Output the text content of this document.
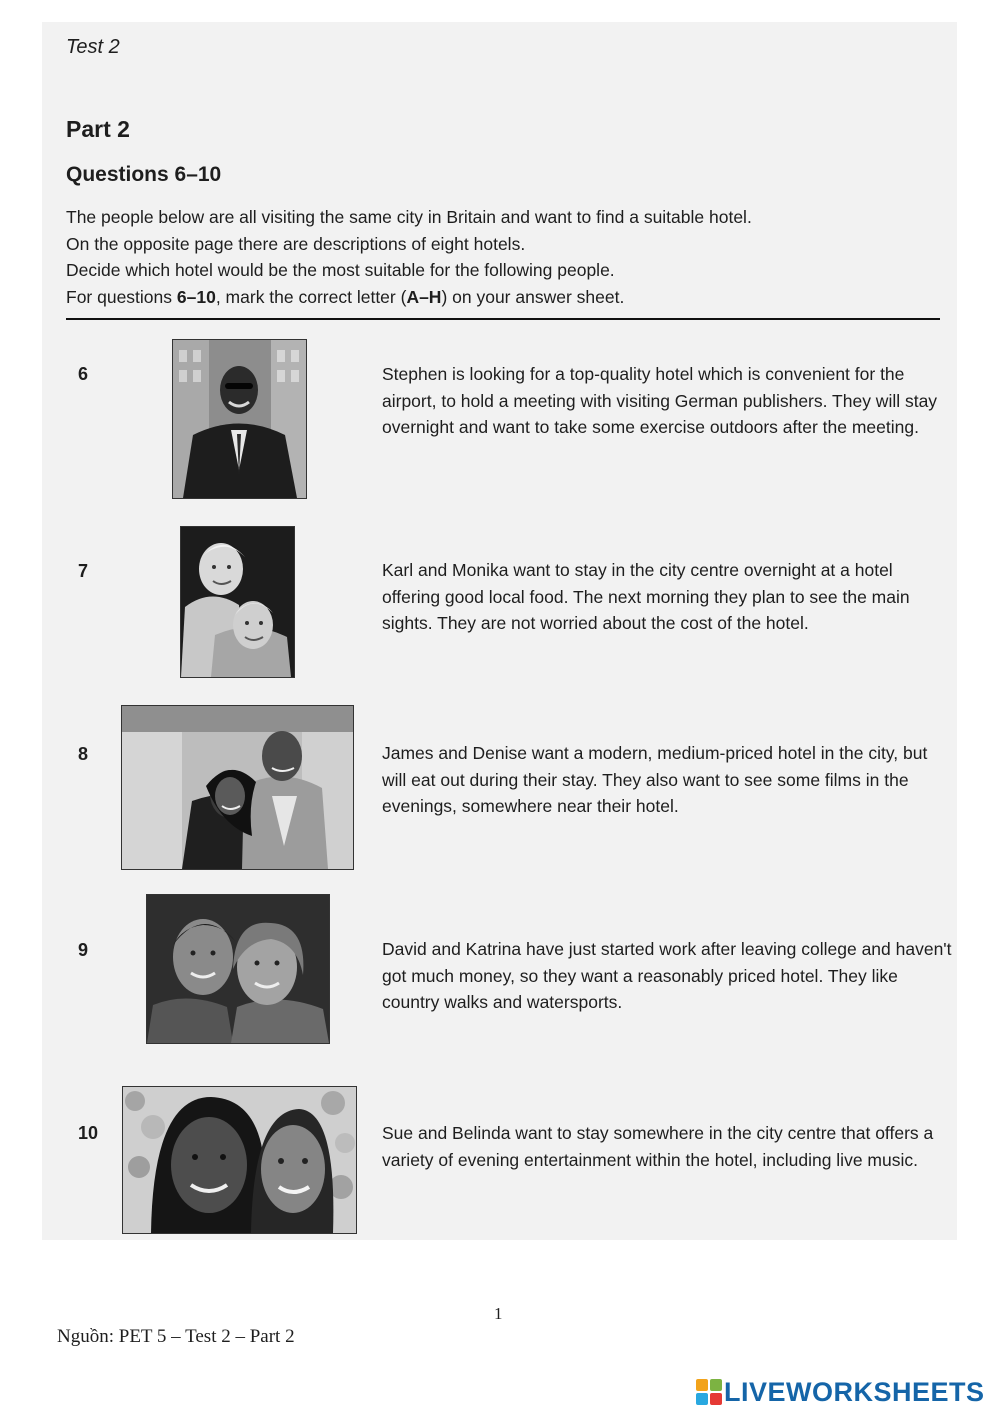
Test 2
Part 2
Questions 6–10

The people below are all visiting the same city in Britain and want to find a suitable hotel.

On the opposite page there are descriptions of eight hotels.

Decide which hotel would be the most suitable for the following people.

For questions 6–10, mark the correct letter (A–H) on your answer sheet.

6	Stephen is looking for a top-quality hotel which is convenient for the airport, to hold a meeting with visiting German publishers. They will stay overnight and want to take some exercise outdoors after the meeting.
7	Karl and Monika want to stay in the city centre overnight at a hotel offering good local food. The next morning they plan to see the main sights. They are not worried about the cost of the hotel.
8	James and Denise want a modern, medium-priced hotel in the city, but will eat out during their stay. They also want to see some films in the evenings, somewhere near their hotel.
9	David and Katrina have just started work after leaving college and haven't got much money, so they want a reasonably priced hotel. They like country walks and watersports.
10	Sue and Belinda want to stay somewhere in the city centre that offers a variety of evening entertainment within the hotel, including live music.
1
Nguồn: PET 5 – Test 2 – Part 2
LIVEWORKSHEETS
